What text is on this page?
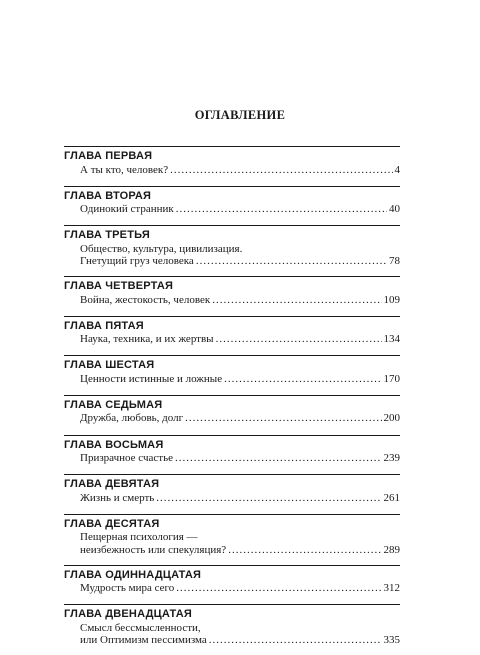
ОГЛАВЛЕНИЕ
ГЛАВА ПЕРВАЯ
А ты кто, человек? .....	4
ГЛАВА ВТОРАЯ
Одинокий странник .....	40
ГЛАВА ТРЕТЬЯ
Общество, культура, цивилизация.
Гнетущий груз человека .....	78
ГЛАВА ЧЕТВЕРТАЯ
Война, жестокость, человек .....	109
ГЛАВА ПЯТАЯ
Наука, техника, и их жертвы .....	134
ГЛАВА ШЕСТАЯ
Ценности истинные и ложные .....	170
ГЛАВА СЕДЬМАЯ
Дружба, любовь, долг .....	200
ГЛАВА ВОСЬМАЯ
Призрачное счастье .....	239
ГЛАВА ДЕВЯТАЯ
Жизнь и смерть .....	261
ГЛАВА ДЕСЯТАЯ
Пещерная психология —
неизбежность или спекуляция? .....	289
ГЛАВА ОДИННАДЦАТАЯ
Мудрость мира сего .....	312
ГЛАВА ДВЕНАДЦАТАЯ
Смысл бессмысленности,
или Оптимизм пессимизма .....	335
